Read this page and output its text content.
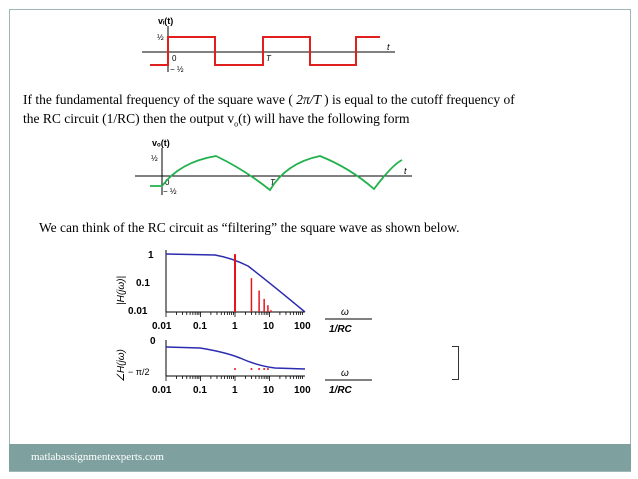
vᵢ(t)
½
0
− ½
T
t
vₒ(t)
½
0
− ½
T
t
|H(jω)|
1
0.1
0.01
0.01 0.1	1	10 100
ω
1/RC
∠H(jω)
0
− π/2
0.01 0.1	1	10 100
ω
1/RC
If the fundamental frequency of the square wave ( 2π/T ) is equal to the cutoff frequency of
the RC circuit (1/RC) then the output $v_o(t)$ will have the following form
We can think of the RC circuit as “filtering” the square wave as shown below.
matlabassignmentexperts.com
